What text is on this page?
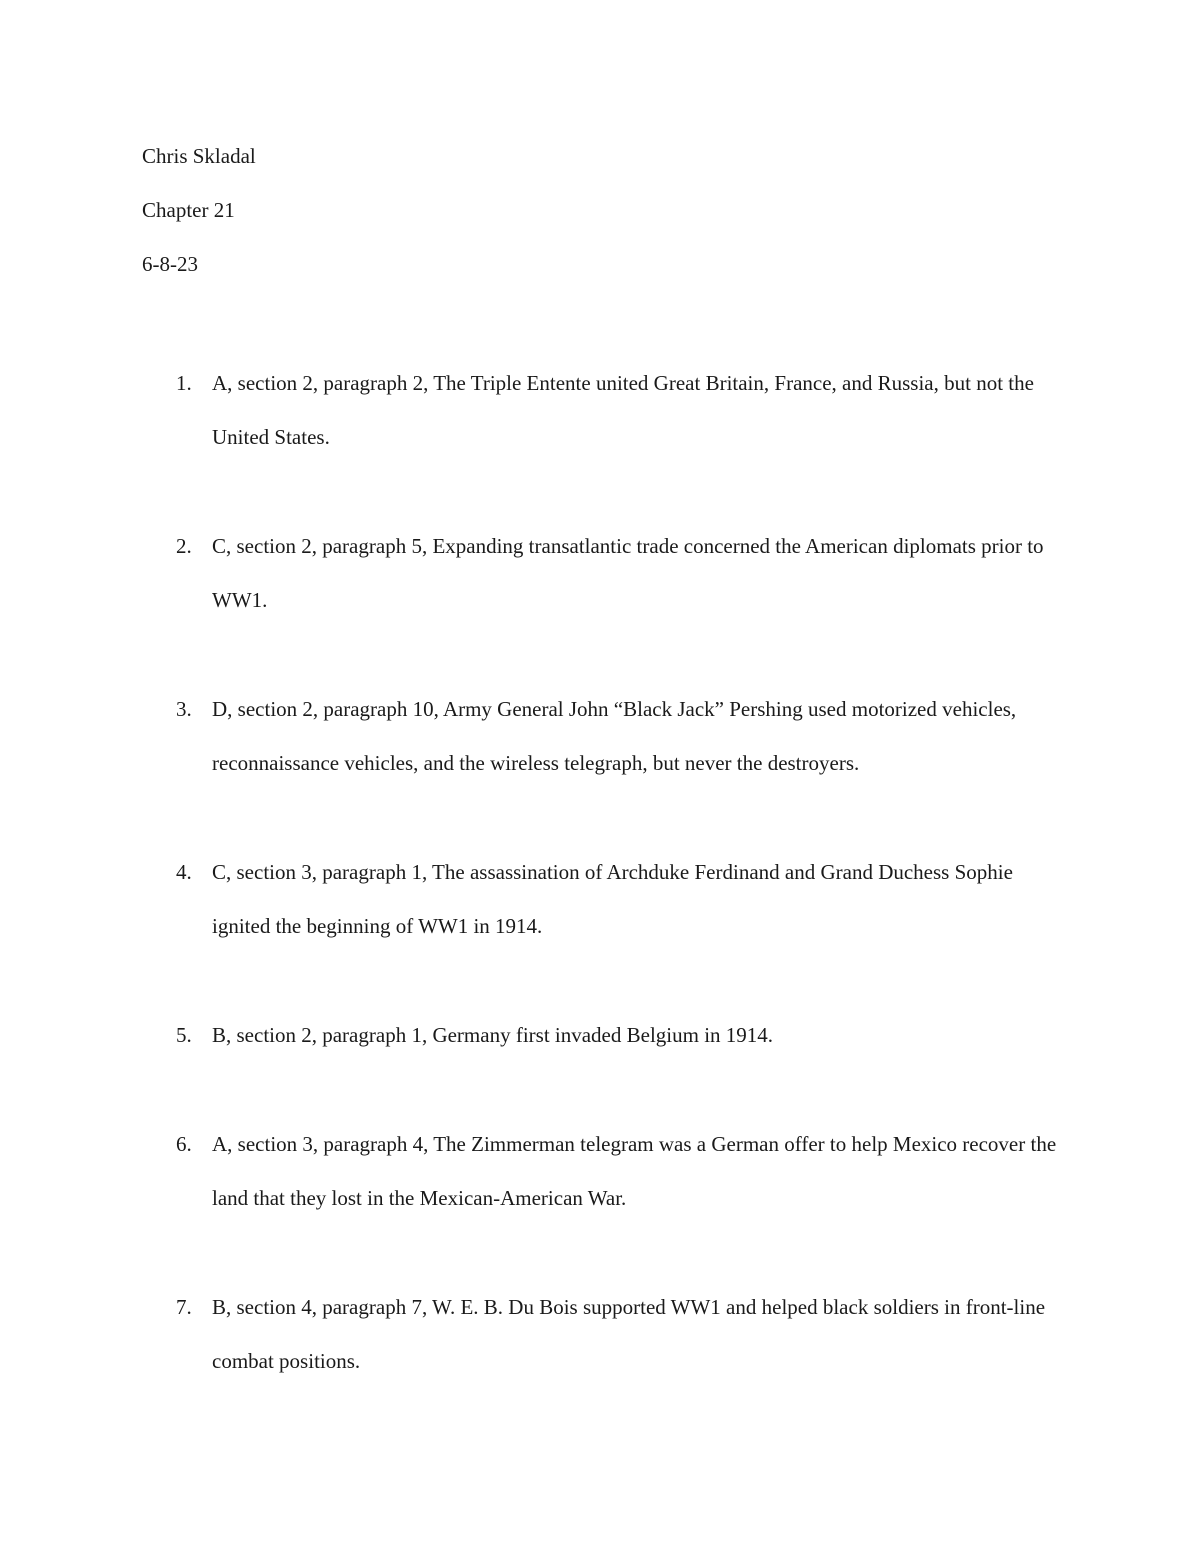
Chris Skladal
Chapter 21
6-8-23
1. A, section 2, paragraph 2, The Triple Entente united Great Britain, France, and Russia, but not the United States.
2. C, section 2, paragraph 5, Expanding transatlantic trade concerned the American diplomats prior to WW1.
3. D, section 2, paragraph 10, Army General John “Black Jack” Pershing used motorized vehicles, reconnaissance vehicles, and the wireless telegraph, but never the destroyers.
4. C, section 3, paragraph 1, The assassination of Archduke Ferdinand and Grand Duchess Sophie ignited the beginning of WW1 in 1914.
5. B, section 2, paragraph 1, Germany first invaded Belgium in 1914.
6. A, section 3, paragraph 4, The Zimmerman telegram was a German offer to help Mexico recover the land that they lost in the Mexican-American War.
7. B, section 4, paragraph 7, W. E. B. Du Bois supported WW1 and helped black soldiers in front-line combat positions.
